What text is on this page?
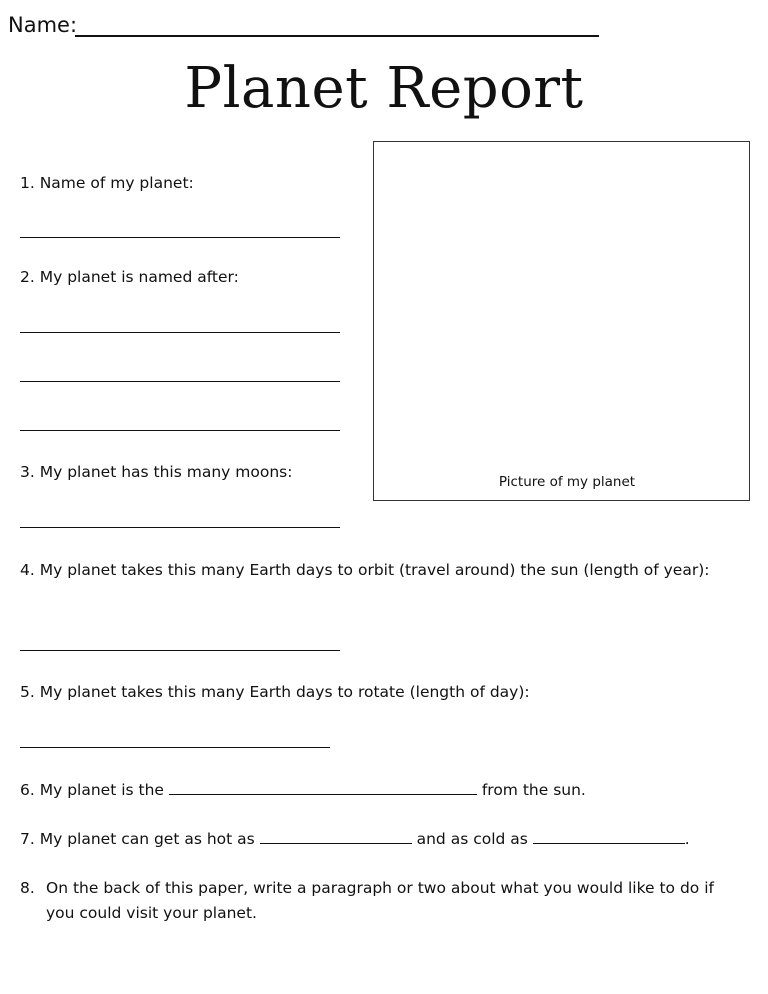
Name:
Planet Report
Picture of my planet
1. Name of my planet:
2. My planet is named after:
3. My planet has this many moons:
4. My planet takes this many Earth days to orbit (travel around) the sun (length of year):
5. My planet takes this many Earth days to rotate (length of day):
6. My planet is the	from the sun.
7. My planet can get as hot as	and as cold as	.
8. On the back of this paper, write a paragraph or two about what you would like to do if you could visit your planet.
